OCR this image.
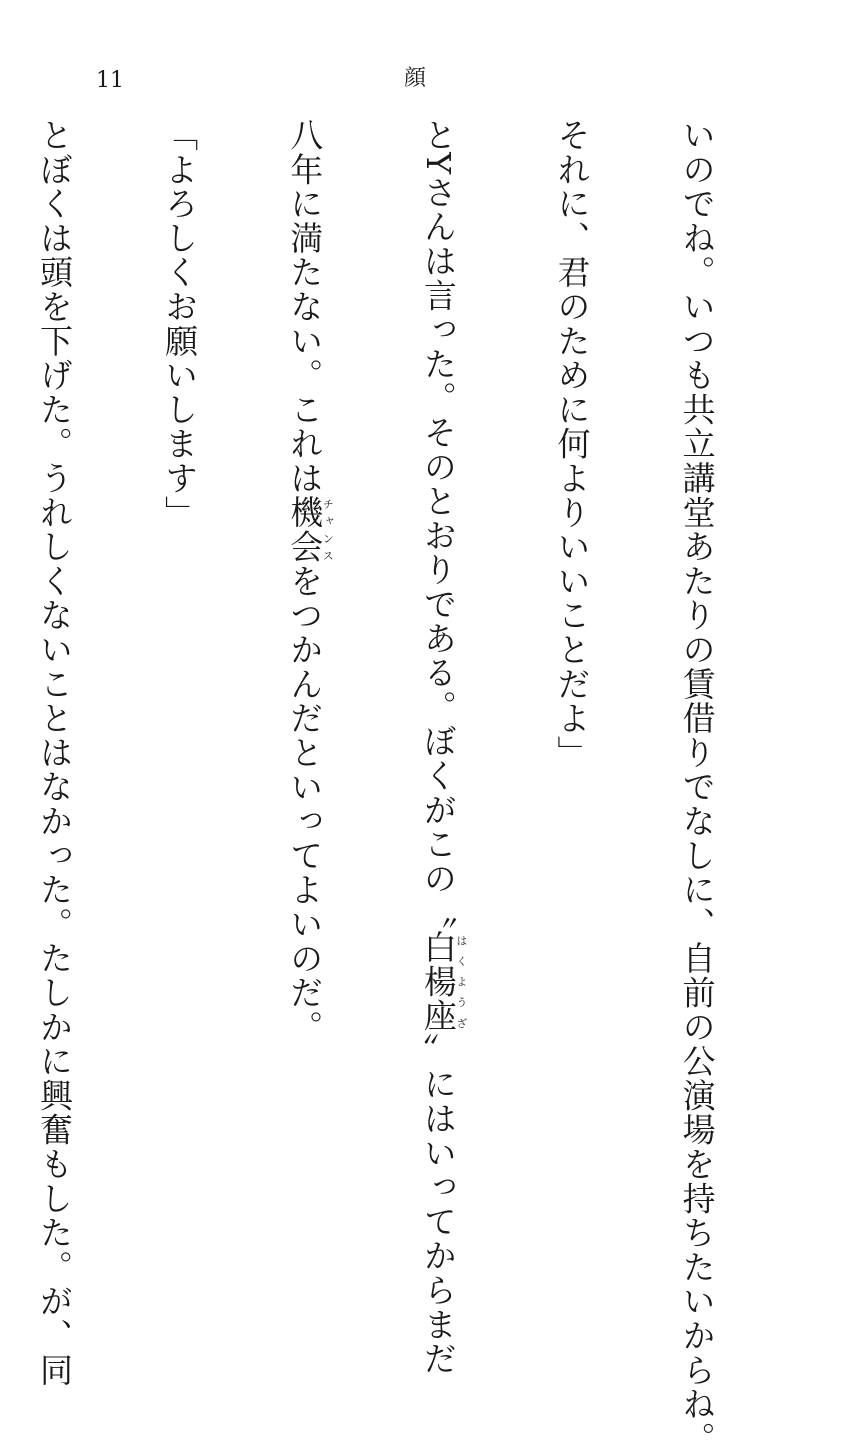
11	顔

いのでね。いつも共立講堂あたりの賃借りでなしに、自前の公演場を持ちたいからね。

それに、君のために何よりいいことだよ」

とYさんは言った。そのとおりである。ぼくがこの〝白楊座はくようざ〟にはいってからまだ

八年に満たない。これは機会チャンスをつかんだといってよいのだ。

「よろしくお願いします」

とぼくは頭を下げた。うれしくないことはなかった。たしかに興奮もした。が、同
